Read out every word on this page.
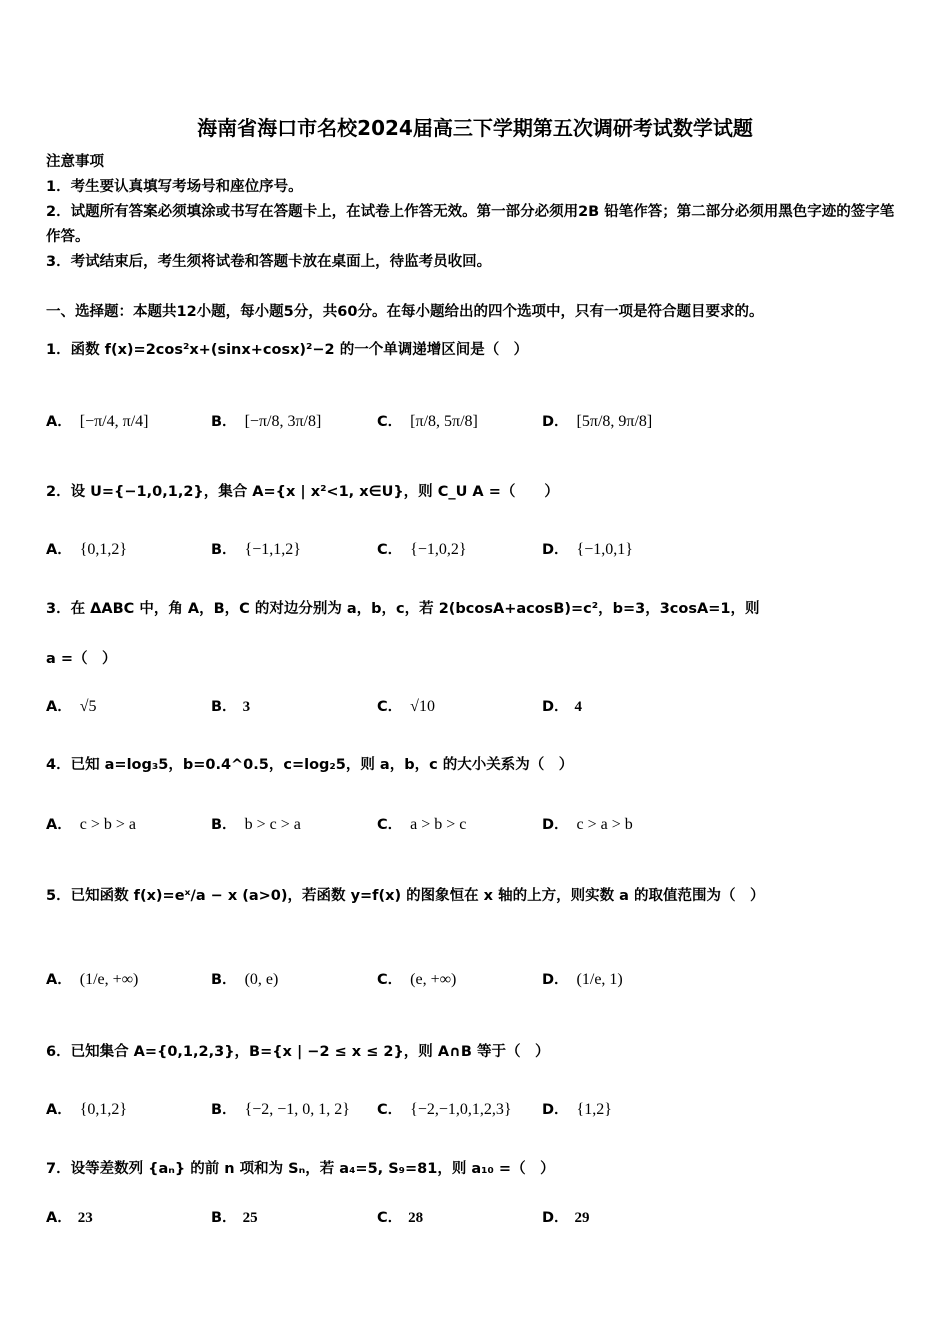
海南省海口市名校2024届高三下学期第五次调研考试数学试题
注意事项
1．考生要认真填写考场号和座位序号。
2．试题所有答案必须填涂或书写在答题卡上，在试卷上作答无效。第一部分必须用2B 铅笔作答；第二部分必须用黑色字迹的签字笔作答。
3．考试结束后，考生须将试卷和答题卡放在桌面上，待监考员收回。
一、选择题：本题共12小题，每小题5分，共60分。在每小题给出的四个选项中，只有一项是符合题目要求的。
1．函数 f(x)=2cos²x+(sinx+cosx)²−2 的一个单调递增区间是（　）
A． [−π/4, π/4]	B． [−π/8, 3π/8]	C． [π/8, 5π/8]	D． [5π/8, 9π/8]
2．设 U={−1,0,1,2}，集合 A={x | x²<1, x∈U}，则 C_U A =（　　）
A． {0,1,2}	B． {−1,1,2}	C． {−1,0,2}	D． {−1,0,1}
3．在 ΔABC 中，角 A，B，C 的对边分别为 a，b，c，若 2(bcosA+acosB)=c²，b=3，3cosA=1，则
a =（　）
A． √5	B． 3	C． √10	D． 4
4．已知 a=log₃5，b=0.4^0.5，c=log₂5，则 a，b，c 的大小关系为（　）
A． c > b > a	B． b > c > a	C． a > b > c	D． c > a > b
5．已知函数 f(x)=eˣ/a − x (a>0)，若函数 y=f(x) 的图象恒在 x 轴的上方，则实数 a 的取值范围为（　）
A． (1/e, +∞)	B． (0, e)	C． (e, +∞)	D． (1/e, 1)
6．已知集合 A={0,1,2,3}，B={x | −2 ≤ x ≤ 2}，则 A∩B 等于（　）
A． {0,1,2}	B． {−2, −1, 0, 1, 2} C． {−2,−1,0,1,2,3} D． {1,2}
7．设等差数列 {aₙ} 的前 n 项和为 Sₙ，若 a₄=5, S₉=81，则 a₁₀ =（　）
A． 23	B． 25	C． 28	D． 29
